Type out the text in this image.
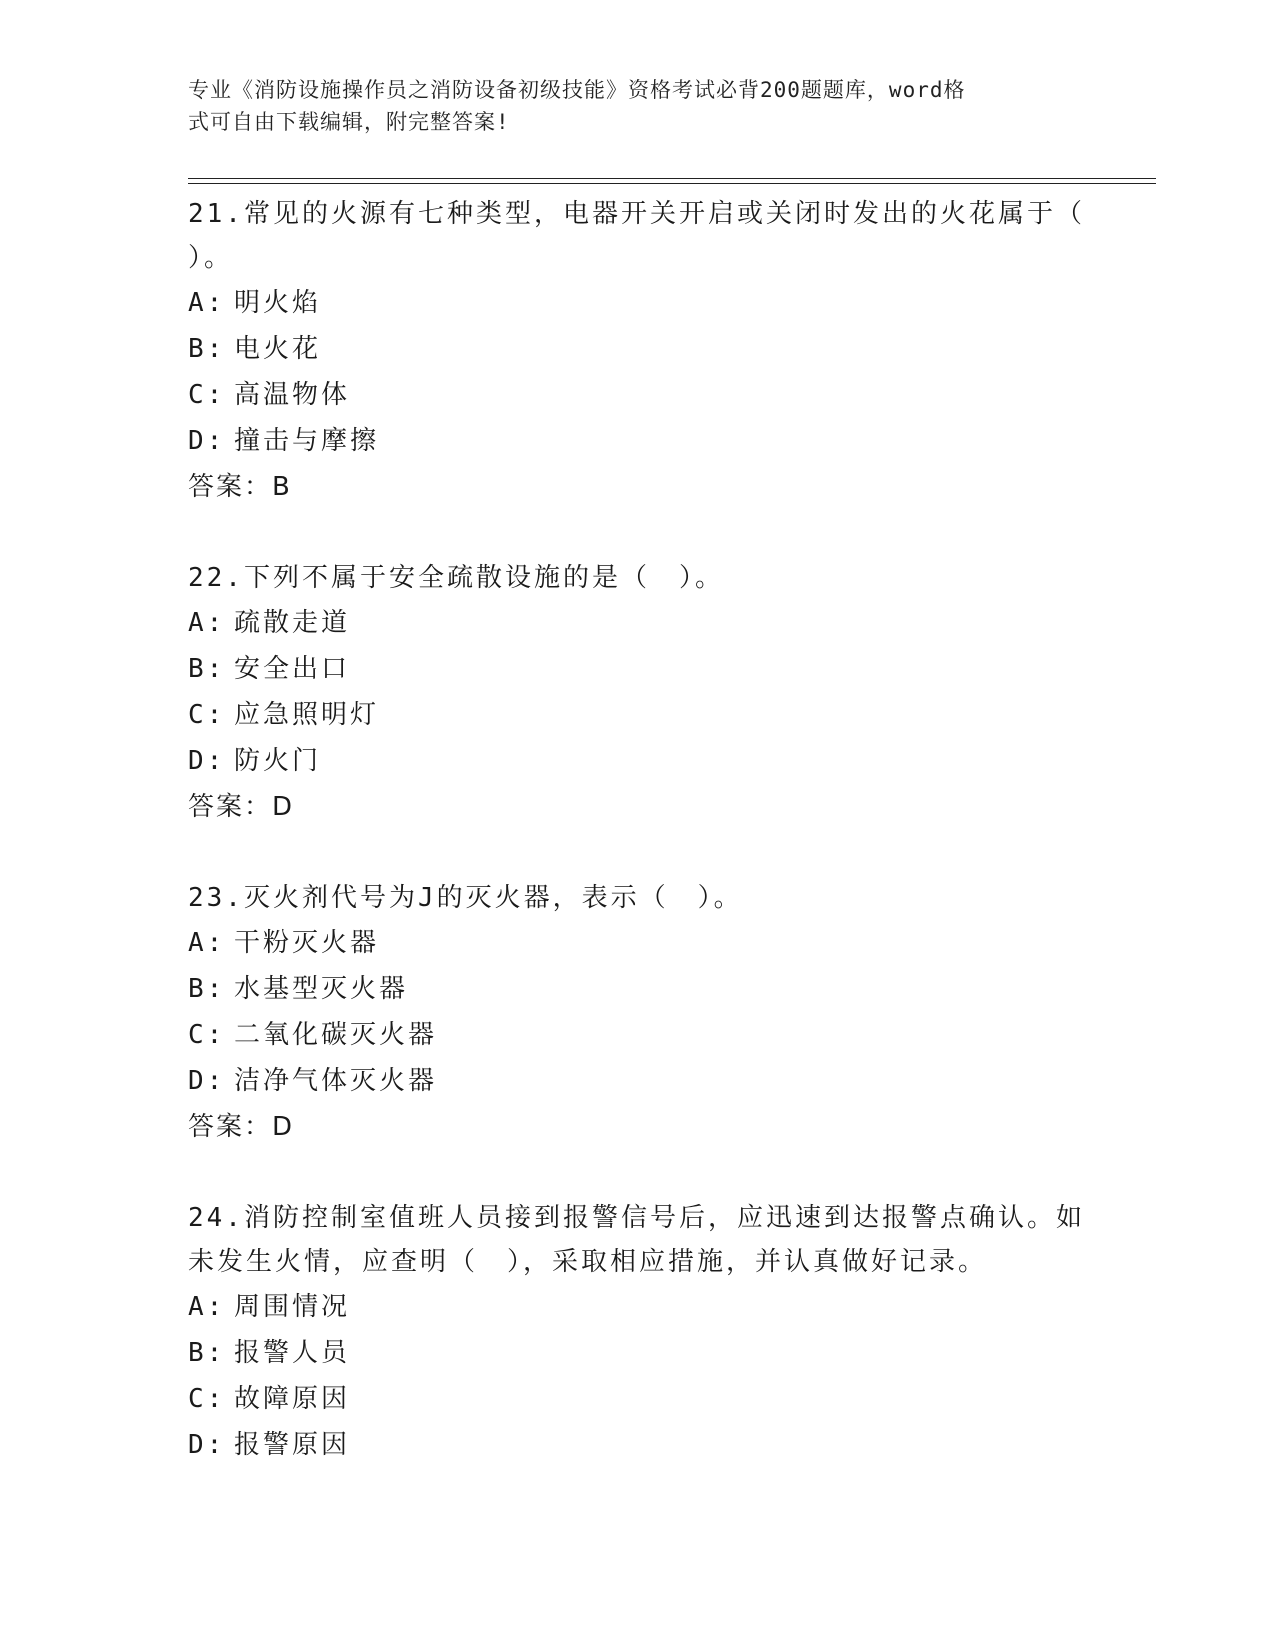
专业《消防设施操作员之消防设备初级技能》资格考试必背200题题库，word格
式可自由下载编辑，附完整答案!

21.常见的火源有七种类型，电器开关开启或关闭时发出的火花属于（

）。

A: 明火焰

B: 电火花

C: 高温物体

D: 撞击与摩擦

答案：B

22.下列不属于安全疏散设施的是（　）。

A: 疏散走道

B: 安全出口

C: 应急照明灯

D: 防火门

答案：D

23.灭火剂代号为J的灭火器，表示（　）。

A: 干粉灭火器

B: 水基型灭火器

C: 二氧化碳灭火器

D: 洁净气体灭火器

答案：D

24.消防控制室值班人员接到报警信号后，应迅速到达报警点确认。如

未发生火情，应查明（　），采取相应措施，并认真做好记录。

A: 周围情况

B: 报警人员

C: 故障原因

D: 报警原因
